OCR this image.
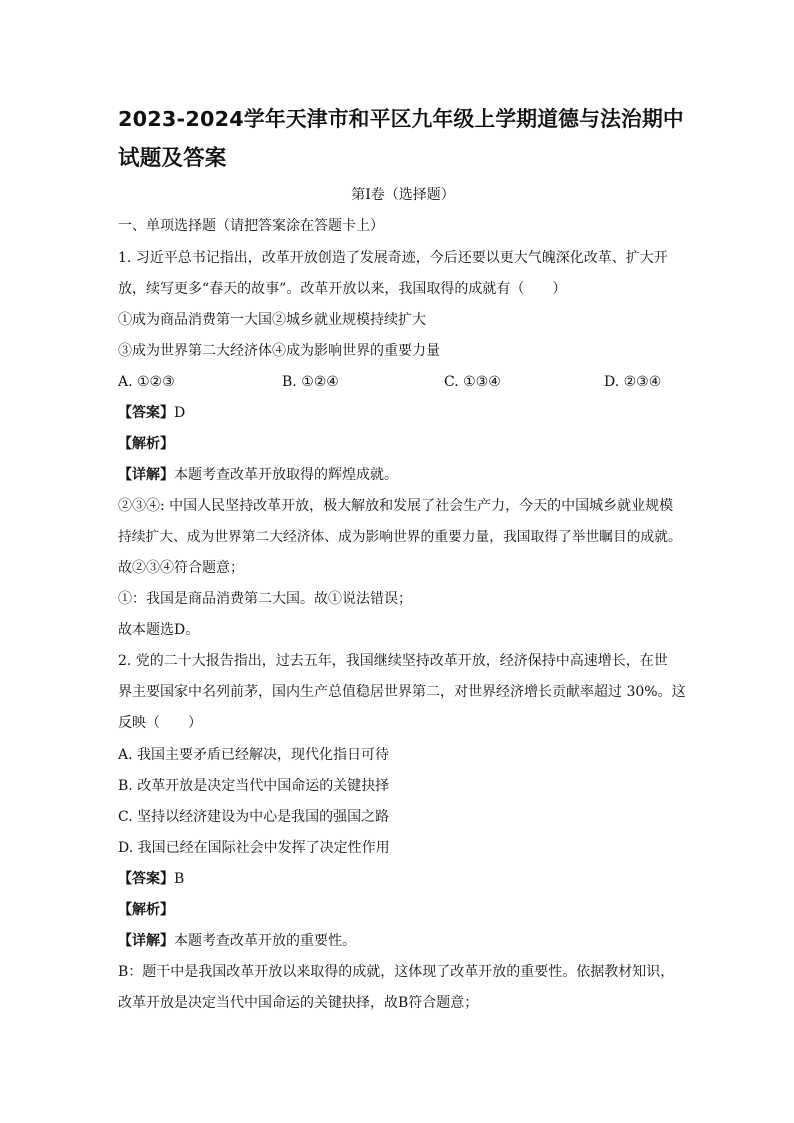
2023-2024学年天津市和平区九年级上学期道德与法治期中
试题及答案
第Ⅰ卷（选择题）
一、单项选择题（请把答案涂在答题卡上）
1. 习近平总书记指出，改革开放创造了发展奇迹，今后还要以更大气魄深化改革、扩大开
放，续写更多“春天的故事”。改革开放以来，我国取得的成就有（　　）
①成为商品消费第一大国②城乡就业规模持续扩大
③成为世界第二大经济体④成为影响世界的重要力量
A. ①②③	B. ①②④	C. ①③④	D. ②③④
【答案】D
【解析】
【详解】本题考查改革开放取得的辉煌成就。
②③④: 中国人民坚持改革开放，极大解放和发展了社会生产力，今天的中国城乡就业规模
持续扩大、成为世界第二大经济体、成为影响世界的重要力量，我国取得了举世瞩目的成就。
故②③④符合题意；
①：我国是商品消费第二大国。故①说法错误；
故本题选D。
2. 党的二十大报告指出，过去五年，我国继续坚持改革开放，经济保持中高速增长，在世
界主要国家中名列前茅，国内生产总值稳居世界第二，对世界经济增长贡献率超过 30%。这
反映（　　）
A. 我国主要矛盾已经解决，现代化指日可待
B. 改革开放是决定当代中国命运的关键抉择
C. 坚持以经济建设为中心是我国的强国之路
D. 我国已经在国际社会中发挥了决定性作用
【答案】B
【解析】
【详解】本题考查改革开放的重要性。
B：题干中是我国改革开放以来取得的成就，这体现了改革开放的重要性。依据教材知识，
改革开放是决定当代中国命运的关键抉择，故B符合题意；
